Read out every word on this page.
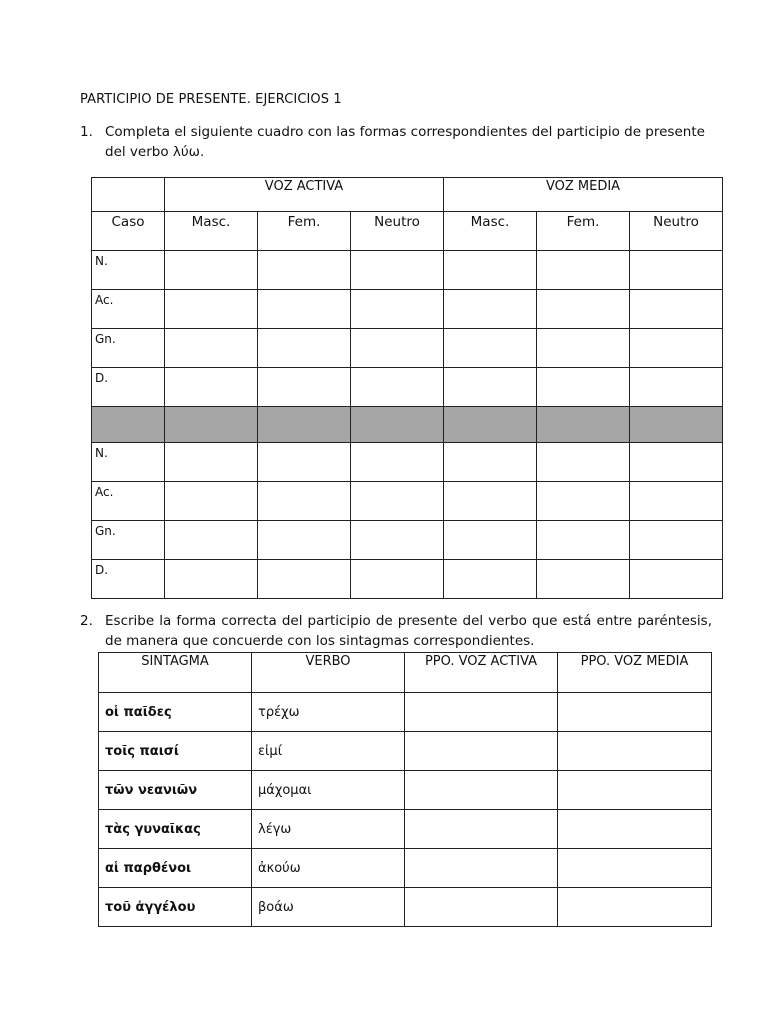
PARTICIPIO DE PRESENTE. EJERCICIOS 1
1. Completa el siguiente cuadro con las formas correspondientes del participio de presente del verbo λύω.
	VOZ ACTIVA			VOZ MEDIA		
Caso	Masc.	Fem.	Neutro	Masc.	Fem.	Neutro
N.						
Ac.						
Gn.						
D.						

N.						
Ac.						
Gn.						
D.						
2. Escribe la forma correcta del participio de presente del verbo que está entre paréntesis, de manera que concuerde con los sintagmas correspondientes.
SINTAGMA	VERBO	PPO. VOZ ACTIVA	PPO. VOZ MEDIA
οἱ παῖδες	τρέχω		
τοῖς παισί	εἰμί		
τῶν νεανιῶν	μάχομαι		
τὰς γυναῖκας	λέγω		
αἱ παρθένοι	ἀκούω		
τοῦ ἀγγέλου	βοάω		
